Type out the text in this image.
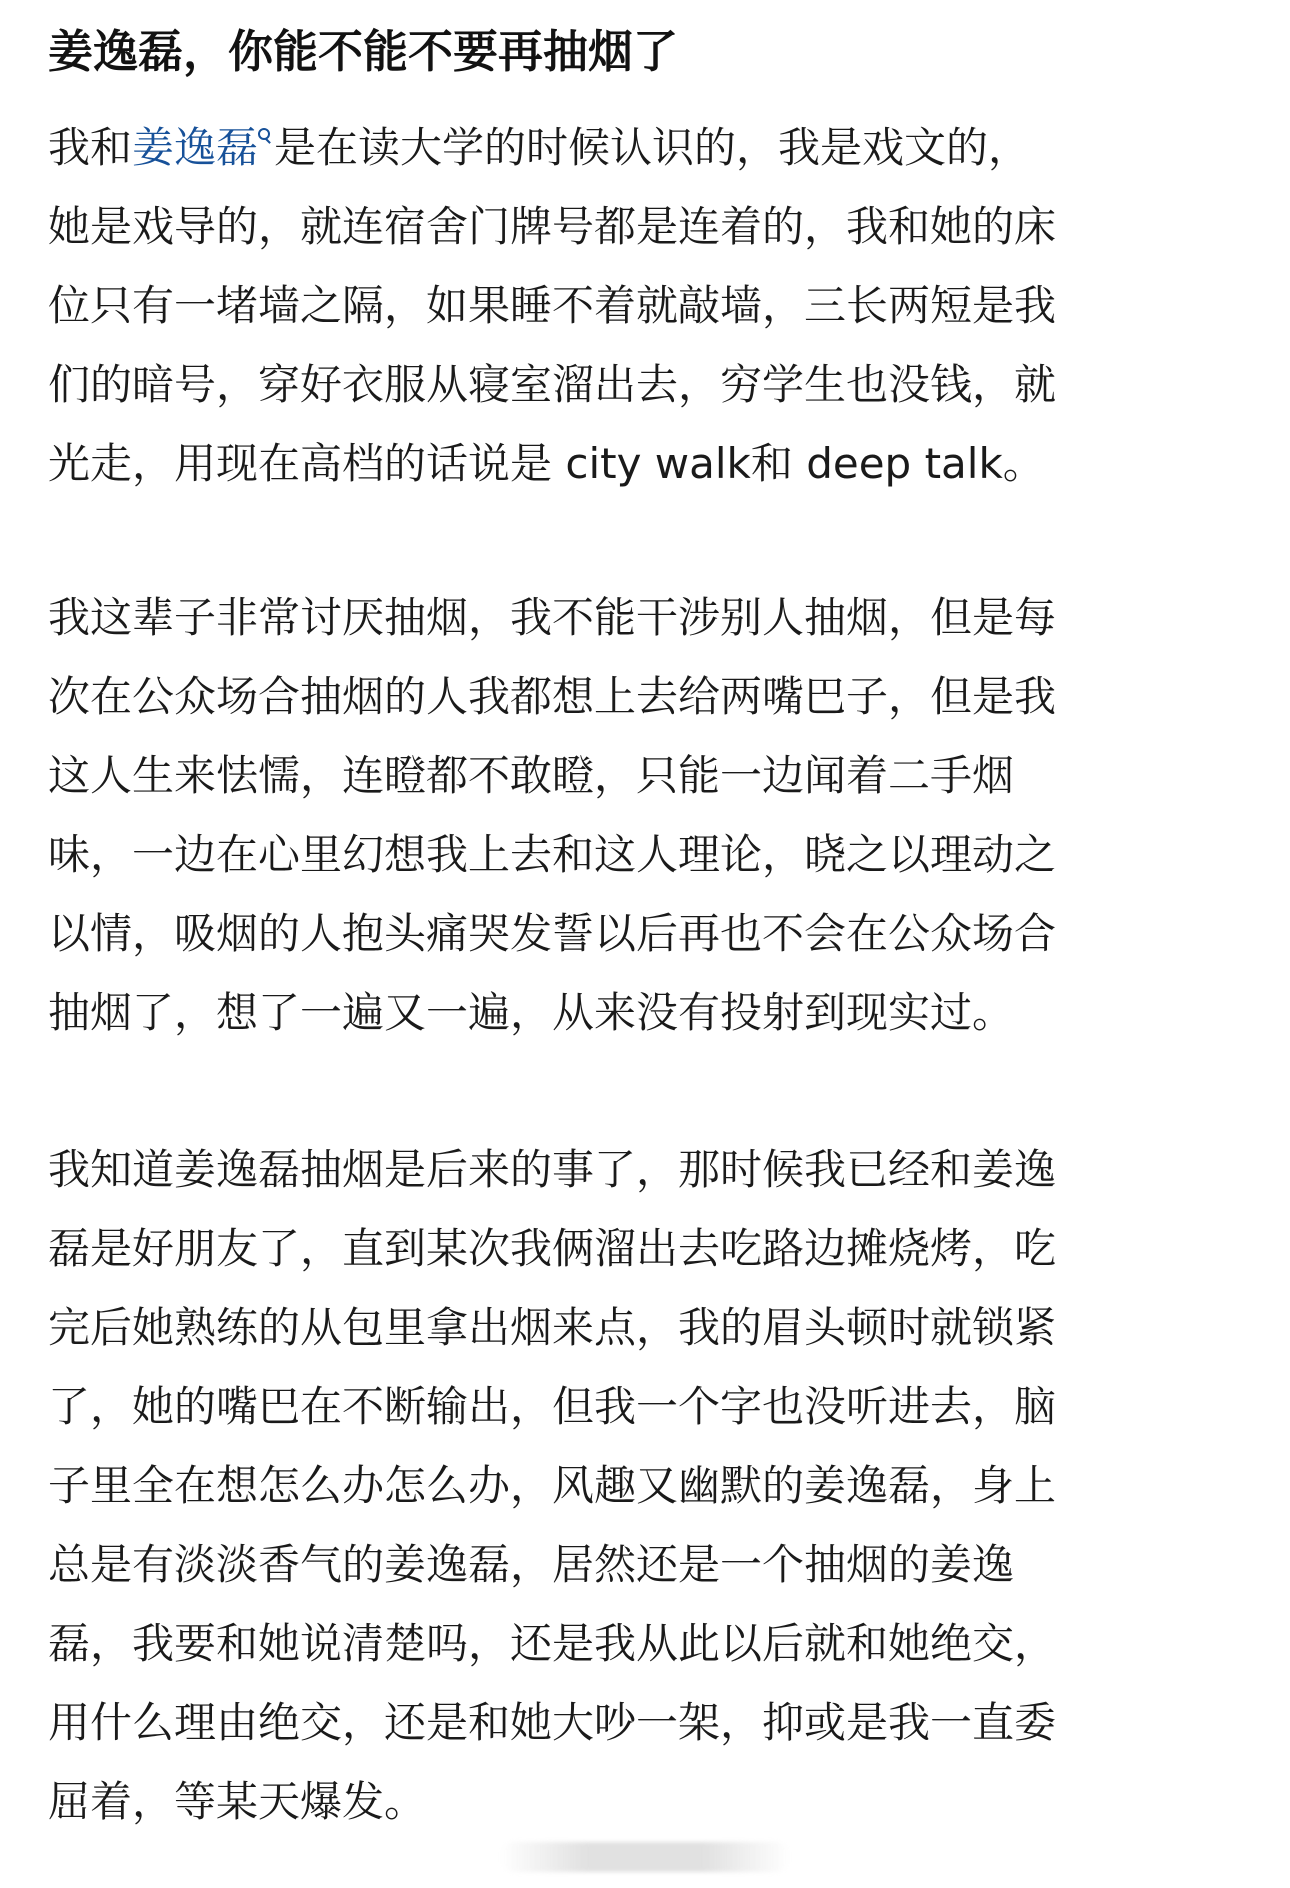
姜逸磊，你能不能不要再抽烟了

我和姜逸磊 是在读大学的时候认识的，我是戏文的，
她是戏导的，就连宿舍门牌号都是连着的，我和她的床
位只有一堵墙之隔，如果睡不着就敲墙，三长两短是我
们的暗号，穿好衣服从寝室溜出去，穷学生也没钱，就
光走，用现在高档的话说是 city walk和 deep talk。

我这辈子非常讨厌抽烟，我不能干涉别人抽烟，但是每
次在公众场合抽烟的人我都想上去给两嘴巴子，但是我
这人生来怯懦，连瞪都不敢瞪，只能一边闻着二手烟
味，一边在心里幻想我上去和这人理论，晓之以理动之
以情，吸烟的人抱头痛哭发誓以后再也不会在公众场合
抽烟了，想了一遍又一遍，从来没有投射到现实过。

我知道姜逸磊抽烟是后来的事了，那时候我已经和姜逸
磊是好朋友了，直到某次我俩溜出去吃路边摊烧烤，吃
完后她熟练的从包里拿出烟来点，我的眉头顿时就锁紧
了，她的嘴巴在不断输出，但我一个字也没听进去，脑
子里全在想怎么办怎么办，风趣又幽默的姜逸磊，身上
总是有淡淡香气的姜逸磊，居然还是一个抽烟的姜逸
磊，我要和她说清楚吗，还是我从此以后就和她绝交，
用什么理由绝交，还是和她大吵一架，抑或是我一直委
屈着，等某天爆发。
